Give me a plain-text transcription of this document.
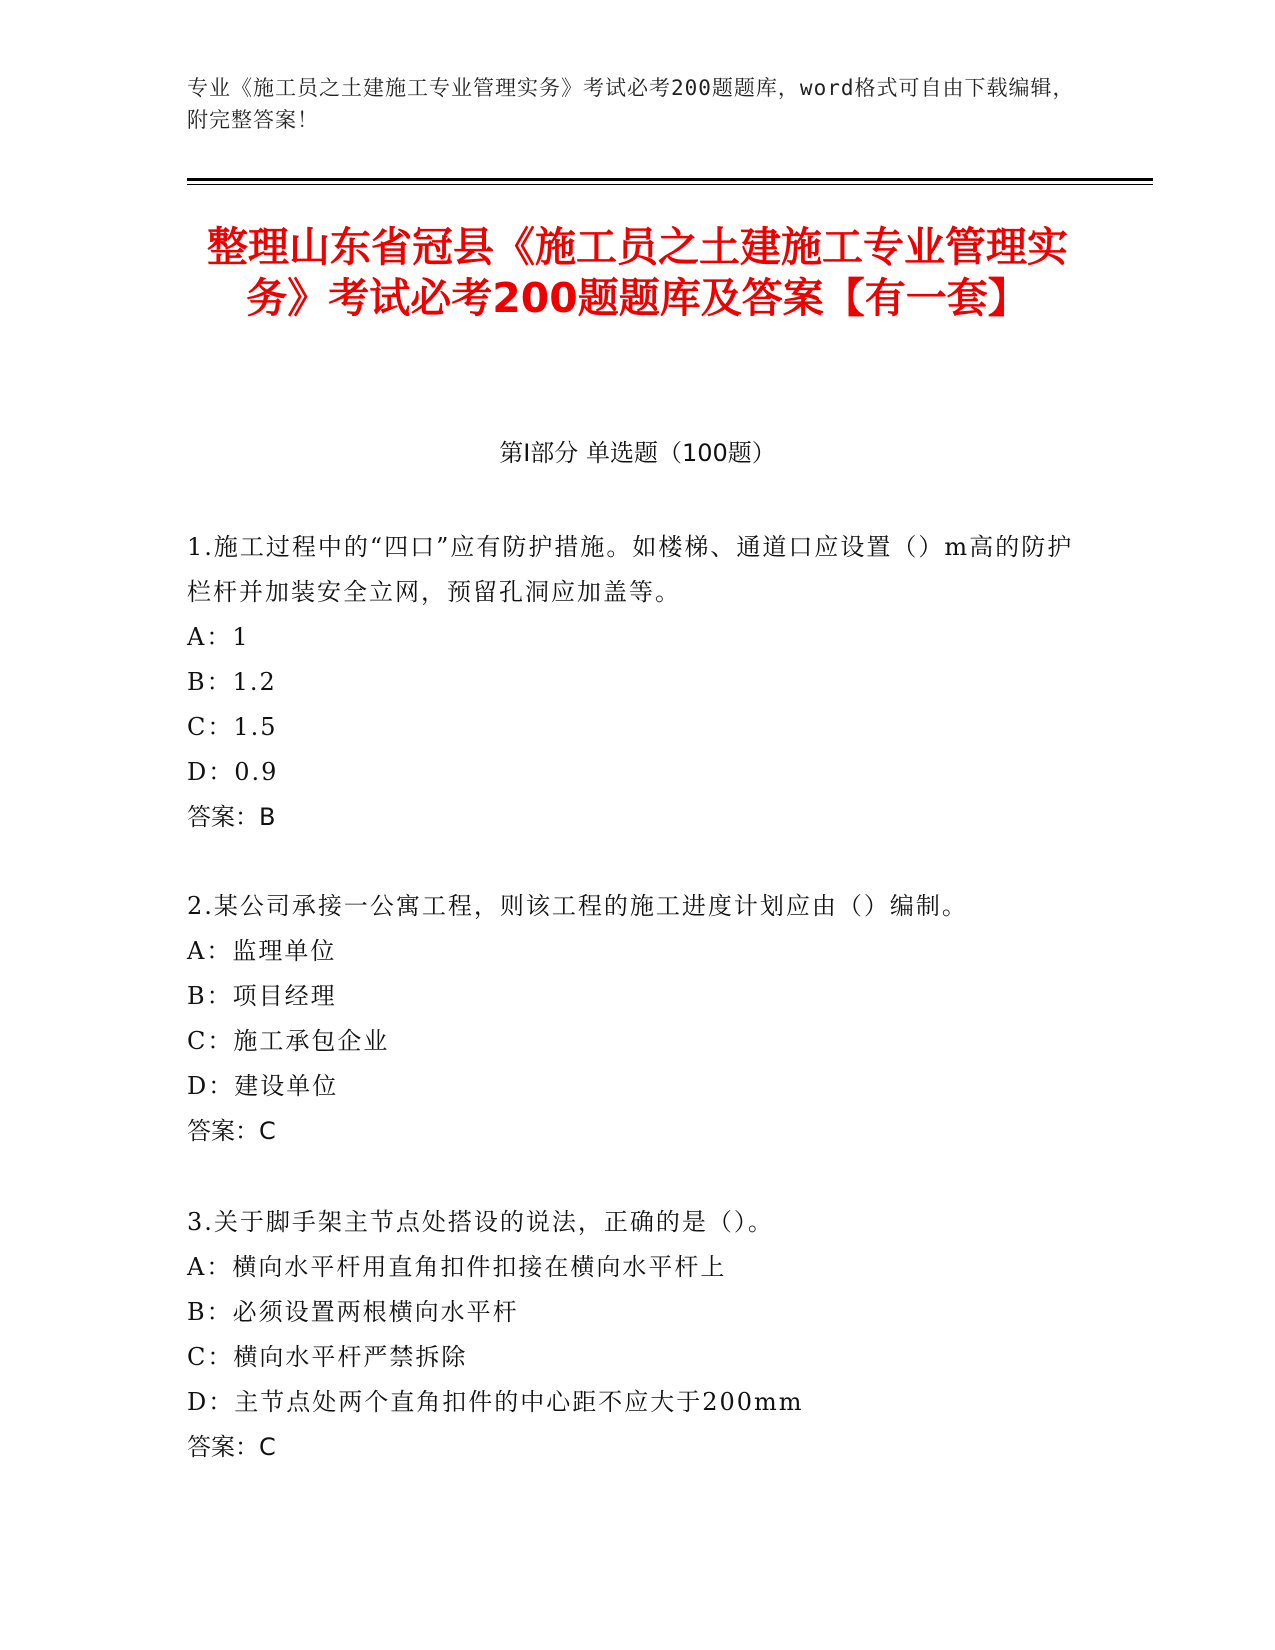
专业《施工员之土建施工专业管理实务》考试必考200题题库，word格式可自由下载编辑，附完整答案！
整理山东省冠县《施工员之土建施工专业管理实务》考试必考200题题库及答案【有一套】
第I部分 单选题（100题）
1.施工过程中的“四口”应有防护措施。如楼梯、通道口应设置（）m高的防护栏杆并加装安全立网，预留孔洞应加盖等。
A：1
B：1.2
C：1.5
D：0.9
答案：B
2.某公司承接一公寓工程，则该工程的施工进度计划应由（）编制。
A：监理单位
B：项目经理
C：施工承包企业
D：建设单位
答案：C
3.关于脚手架主节点处搭设的说法，正确的是（）。
A：横向水平杆用直角扣件扣接在横向水平杆上
B：必须设置两根横向水平杆
C：横向水平杆严禁拆除
D：主节点处两个直角扣件的中心距不应大于200mm
答案：C
